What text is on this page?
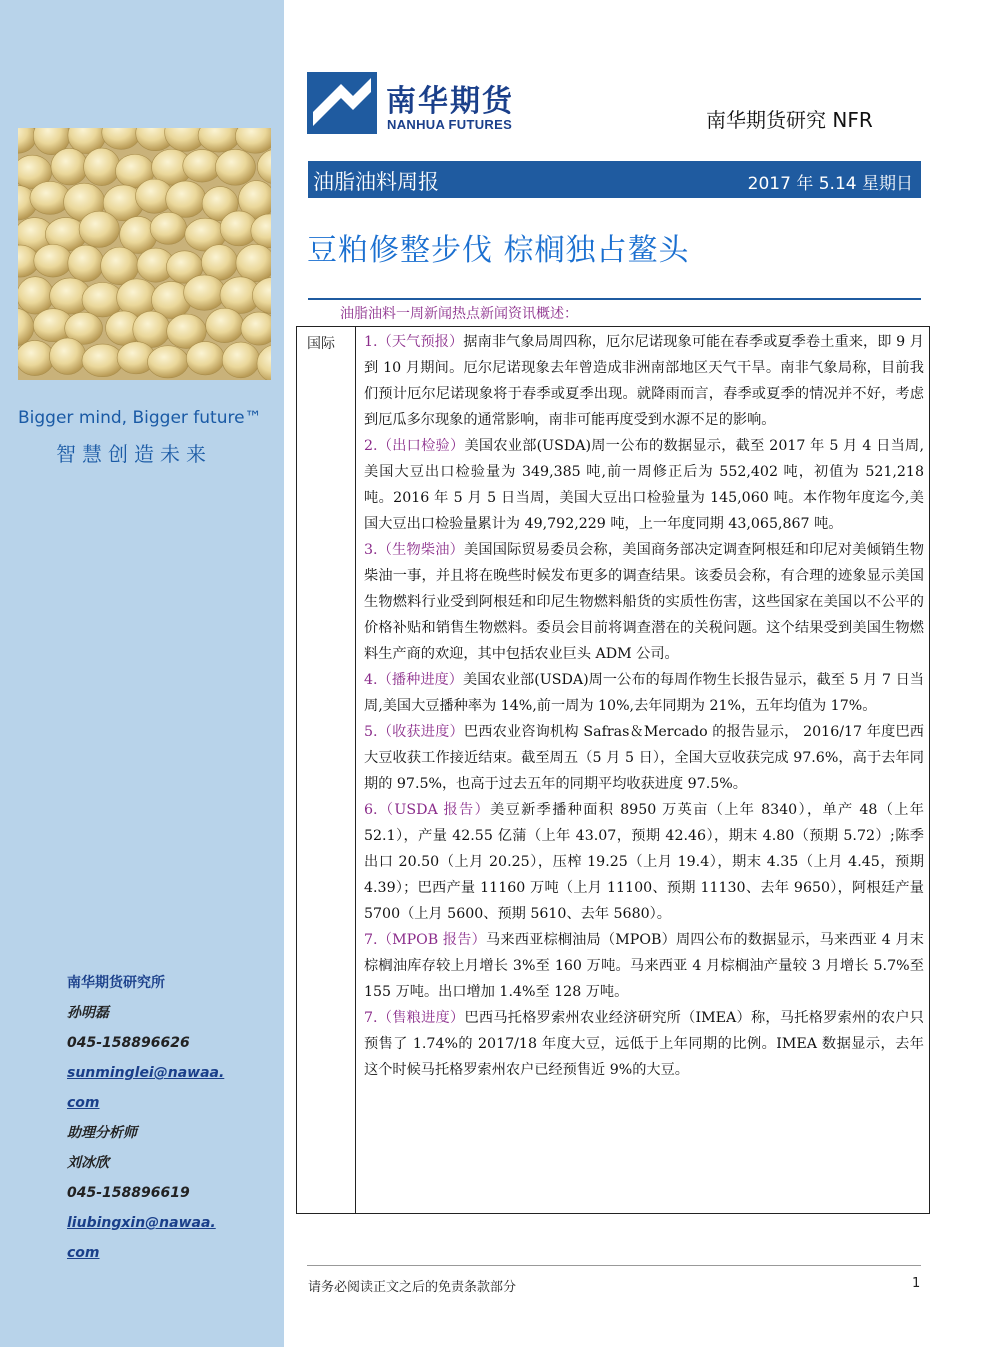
Bigger mind, Bigger future™
智慧创造未来
南华期货研究所
孙明磊
045-158896626
sunminglei@nawaa.
com
助理分析师
刘冰欣
045-158896619
liubingxin@nawaa.
com
南华期货
NANHUA FUTURES	南华期货研究 NFR
油脂油料周报	2017 年 5.14 星期日
豆粕修整步伐 棕榈独占鳌头
油脂油料一周新闻热点新闻资讯概述：
国际 1.（天气预报）据南非气象局周四称，厄尔尼诺现象可能在春季或夏季卷土重来，即 9 月到 10 月期间。厄尔尼诺现象去年曾造成非洲南部地区天气干旱。南非气象局称，目前我们预计厄尔尼诺现象将于春季或夏季出现。就降雨而言，春季或夏季的情况并不好，考虑到厄瓜多尔现象的通常影响，南非可能再度受到水源不足的影响。

2.（出口检验）美国农业部(USDA)周一公布的数据显示，截至 2017 年 5 月 4 日当周,美国大豆出口检验量为 349,385 吨,前一周修正后为 552,402 吨，初值为 521,218 吨。2016 年 5 月 5 日当周，美国大豆出口检验量为 145,060 吨。本作物年度迄今,美国大豆出口检验量累计为 49,792,229 吨，上一年度同期 43,065,867 吨。

3.（生物柴油）美国国际贸易委员会称，美国商务部决定调查阿根廷和印尼对美倾销生物柴油一事，并且将在晚些时候发布更多的调查结果。该委员会称，有合理的迹象显示美国生物燃料行业受到阿根廷和印尼生物燃料船货的实质性伤害，这些国家在美国以不公平的价格补贴和销售生物燃料。委员会目前将调查潜在的关税问题。这个结果受到美国生物燃料生产商的欢迎，其中包括农业巨头 ADM 公司。

4.（播种进度）美国农业部(USDA)周一公布的每周作物生长报告显示，截至 5 月 7 日当周,美国大豆播种率为 14%,前一周为 10%,去年同期为 21%，五年均值为 17%。

5.（收获进度）巴西农业咨询机构 Safras＆Mercado 的报告显示， 2016/17 年度巴西大豆收获工作接近结束。截至周五（5 月 5 日），全国大豆收获完成 97.6%，高于去年同期的 97.5%，也高于过去五年的同期平均收获进度 97.5%。

6.（USDA 报告）美豆新季播种面积 8950 万英亩（上年 8340），单产 48（上年 52.1），产量 42.55 亿蒲（上年 43.07，预期 42.46），期末 4.80（预期 5.72）;陈季出口 20.50（上月 20.25），压榨 19.25（上月 19.4），期末 4.35（上月 4.45，预期 4.39）；巴西产量 11160 万吨（上月 11100、预期 11130、去年 9650），阿根廷产量 5700（上月 5600、预期 5610、去年 5680）。

7.（MPOB 报告）马来西亚棕榈油局（MPOB）周四公布的数据显示，马来西亚 4 月末棕榈油库存较上月增长 3%至 160 万吨。马来西亚 4 月棕榈油产量较 3 月增长 5.7%至 155 万吨。出口增加 1.4%至 128 万吨。

7.（售粮进度）巴西马托格罗索州农业经济研究所（IMEA）称，马托格罗索州的农户只预售了 1.74%的 2017/18 年度大豆，远低于上年同期的比例。IMEA 数据显示，去年这个时候马托格罗索州农户已经预售近 9%的大豆。

请务必阅读正文之后的免责条款部分	1
